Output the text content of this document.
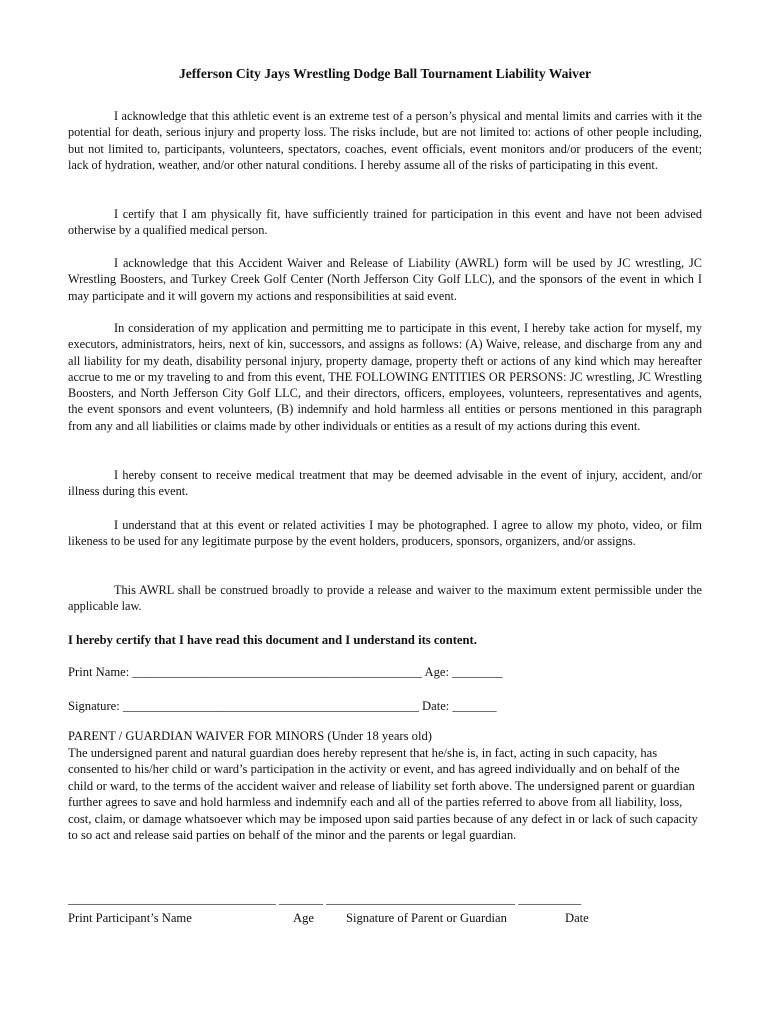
Jefferson City Jays Wrestling Dodge Ball Tournament Liability Waiver

I acknowledge that this athletic event is an extreme test of a person’s physical and mental limits and carries with it the potential for death, serious injury and property loss. The risks include, but are not limited to: actions of other people including, but not limited to, participants, volunteers, spectators, coaches, event officials, event monitors and/or producers of the event; lack of hydration, weather, and/or other natural conditions. I hereby assume all of the risks of participating in this event.

I certify that I am physically fit, have sufficiently trained for participation in this event and have not been advised otherwise by a qualified medical person.

I acknowledge that this Accident Waiver and Release of Liability (AWRL) form will be used by JC wrestling, JC Wrestling Boosters, and Turkey Creek Golf Center (North Jefferson City Golf LLC), and the sponsors of the event in which I may participate and it will govern my actions and responsibilities at said event.

In consideration of my application and permitting me to participate in this event, I hereby take action for myself, my executors, administrators, heirs, next of kin, successors, and assigns as follows: (A) Waive, release, and discharge from any and all liability for my death, disability personal injury, property damage, property theft or actions of any kind which may hereafter accrue to me or my traveling to and from this event, THE FOLLOWING ENTITIES OR PERSONS: JC wrestling, JC Wrestling Boosters, and North Jefferson City Golf LLC, and their directors, officers, employees, volunteers, representatives and agents, the event sponsors and event volunteers, (B) indemnify and hold harmless all entities or persons mentioned in this paragraph from any and all liabilities or claims made by other individuals or entities as a result of my actions during this event.

I hereby consent to receive medical treatment that may be deemed advisable in the event of injury, accident, and/or illness during this event.

I understand that at this event or related activities I may be photographed. I agree to allow my photo, video, or film likeness to be used for any legitimate purpose by the event holders, producers, sponsors, organizers, and/or assigns.

This AWRL shall be construed broadly to provide a release and waiver to the maximum extent permissible under the applicable law.

I hereby certify that I have read this document and I understand its content.
Print Name: ______________________________________________ Age: ________
Signature: _______________________________________________ Date: _______
PARENT / GUARDIAN WAIVER FOR MINORS (Under 18 years old)

The undersigned parent and natural guardian does hereby represent that he/she is, in fact, acting in such capacity, has consented to his/her child or ward’s participation in the activity or event, and has agreed individually and on behalf of the child or ward, to the terms of the accident waiver and release of liability set forth above. The undersigned parent or guardian further agrees to save and hold harmless and indemnify each and all of the parties referred to above from all liability, loss, cost, claim, or damage whatsoever which may be imposed upon said parties because of any defect in or lack of such capacity to so act and release said parties on behalf of the minor and the parents or legal guardian.

_________________________________ _______ ______________________________ __________
Print Participant’s Name	Age	Signature of Parent or Guardian	Date
